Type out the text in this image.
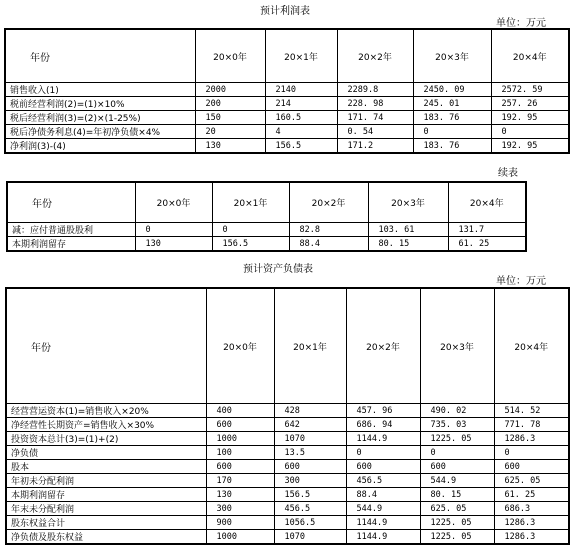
预计利润表
单位：万元
年份	20×0年	20×1年	20×2年	20×3年	20×4年
销售收入(1)	2000	2140	2289.8	2450. 09	2572. 59
税前经营利润(2)=(1)×10%	200	214	228. 98	245. 01	257. 26
税后经营利润(3)=(2)×(1-25%)	150	160.5	171. 74	183. 76	192. 95
税后净债务利息(4)=年初净负债×4%	20	4	0. 54	0	0
净利润(3)-(4)	130	156.5	171.2	183. 76	192. 95
续表
年份	20×0年	20×1年	20×2年	20×3年	20×4年
减：应付普通股股利	0	0	82.8	103. 61	131.7
本期利润留存	130	156.5	88.4	80. 15	61. 25
预计资产负债表
单位：万元
年份	20×0年	20×1年	20×2年	20×3年	20×4年
经营营运资本(1)=销售收入×20%	400	428	457. 96	490. 02	514. 52
净经营性长期资产=销售收入×30%	600	642	686. 94	735. 03	771. 78
投资资本总计(3)=(1)+(2)	1000	1070	1144.9	1225. 05	1286.3
净负债	100	13.5	0	0	0
股本	600	600	600	600	600
年初未分配利润	170	300	456.5	544.9	625. 05
本期利润留存	130	156.5	88.4	80. 15	61. 25
年末未分配利润	300	456.5	544.9	625. 05	686.3
股东权益合计	900	1056.5	1144.9	1225. 05	1286.3
净负债及股东权益	1000	1070	1144.9	1225. 05	1286.3
